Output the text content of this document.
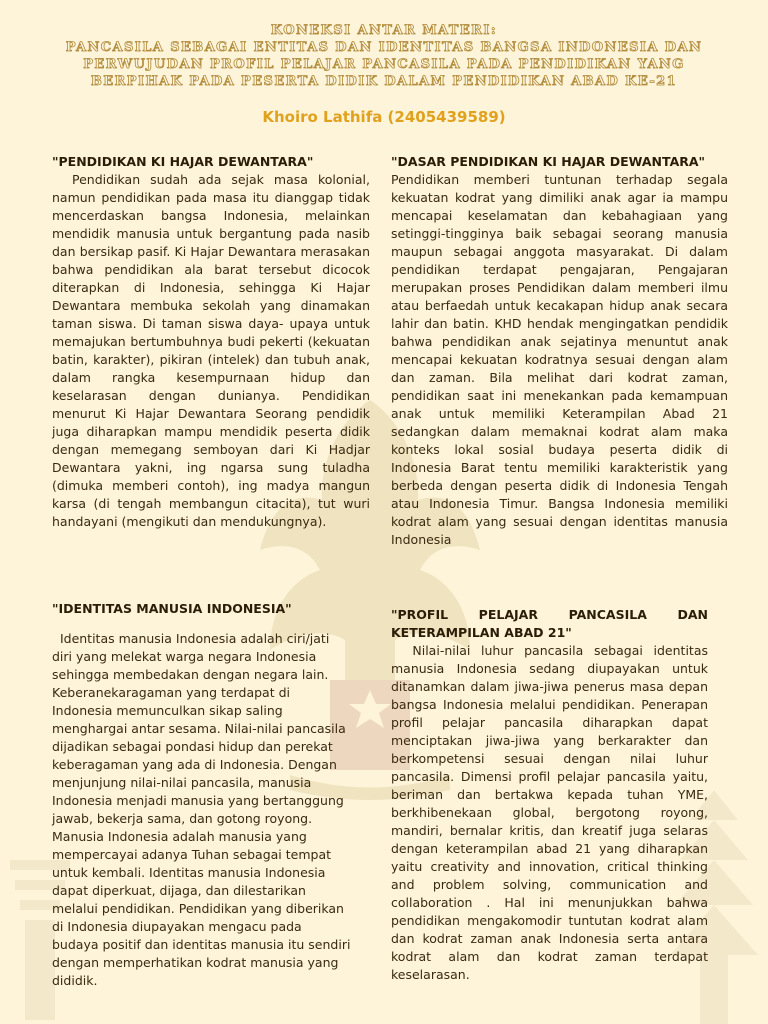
KONEKSI ANTAR MATERI:
PANCASILA SEBAGAI ENTITAS DAN IDENTITAS BANGSA INDONESIA DAN
PERWUJUDAN PROFIL PELAJAR PANCASILA PADA PENDIDIKAN YANG
BERPIHAK PADA PESERTA DIDIK DALAM PENDIDIKAN ABAD KE-21
Khoiro Lathifa (2405439589)

"PENDIDIKAN KI HAJAR DEWANTARA"

Pendidikan sudah ada sejak masa kolonial, namun pendidikan pada masa itu dianggap tidak mencerdaskan bangsa Indonesia, melainkan mendidik manusia untuk bergantung pada nasib dan bersikap pasif. Ki Hajar Dewantara merasakan bahwa pendidikan ala barat tersebut dicocok diterapkan di Indonesia, sehingga Ki Hajar Dewantara membuka sekolah yang dinamakan taman siswa. Di taman siswa daya- upaya untuk memajukan bertumbuhnya budi pekerti (kekuatan batin, karakter), pikiran (intelek) dan tubuh anak, dalam rangka kesempurnaan hidup dan keselarasan dengan dunianya. Pendidikan menurut Ki Hajar Dewantara Seorang pendidik juga diharapkan mampu mendidik peserta didik dengan memegang semboyan dari Ki Hadjar Dewantara yakni, ing ngarsa sung tuladha (dimuka memberi contoh), ing madya mangun karsa (di tengah membangun citacita), tut wuri handayani (mengikuti dan mendukungnya).

"DASAR PENDIDIKAN KI HAJAR DEWANTARA"

Pendidikan memberi tuntunan terhadap segala kekuatan kodrat yang dimiliki anak agar ia mampu mencapai keselamatan dan kebahagiaan yang setinggi-tingginya baik sebagai seorang manusia maupun sebagai anggota masyarakat. Di dalam pendidikan terdapat pengajaran, Pengajaran merupakan proses Pendidikan dalam memberi ilmu atau berfaedah untuk kecakapan hidup anak secara lahir dan batin. KHD hendak mengingatkan pendidik bahwa pendidikan anak sejatinya menuntut anak mencapai kekuatan kodratnya sesuai dengan alam dan zaman. Bila melihat dari kodrat zaman, pendidikan saat ini menekankan pada kemampuan anak untuk memiliki Keterampilan Abad 21 sedangkan dalam memaknai kodrat alam maka konteks lokal sosial budaya peserta didik di Indonesia Barat tentu memiliki karakteristik yang berbeda dengan peserta didik di Indonesia Tengah atau Indonesia Timur. Bangsa Indonesia memiliki kodrat alam yang sesuai dengan identitas manusia Indonesia

"IDENTITAS MANUSIA INDONESIA"

Identitas manusia Indonesia adalah ciri/jati diri yang melekat warga negara Indonesia sehingga membedakan dengan negara lain. Keberanekaragaman yang terdapat di Indonesia memunculkan sikap saling menghargai antar sesama. Nilai-nilai pancasila dijadikan sebagai pondasi hidup dan perekat keberagaman yang ada di Indonesia. Dengan menjunjung nilai-nilai pancasila, manusia Indonesia menjadi manusia yang bertanggung jawab, bekerja sama, dan gotong royong. Manusia Indonesia adalah manusia yang mempercayai adanya Tuhan sebagai tempat untuk kembali. Identitas manusia Indonesia dapat diperkuat, dijaga, dan dilestarikan melalui pendidikan. Pendidikan yang diberikan di Indonesia diupayakan mengacu pada budaya positif dan identitas manusia itu sendiri dengan memperhatikan kodrat manusia yang dididik.

"PROFIL PELAJAR PANCASILA DAN KETERAMPILAN ABAD 21"

Nilai-nilai luhur pancasila sebagai identitas manusia Indonesia sedang diupayakan untuk ditanamkan dalam jiwa-jiwa penerus masa depan bangsa Indonesia melalui pendidikan. Penerapan profil pelajar pancasila diharapkan dapat menciptakan jiwa-jiwa yang berkarakter dan berkompetensi sesuai dengan nilai luhur pancasila. Dimensi profil pelajar pancasila yaitu, beriman dan bertakwa kepada tuhan YME, berkhibenekaan global, bergotong royong, mandiri, bernalar kritis, dan kreatif juga selaras dengan keterampilan abad 21 yang diharapkan yaitu creativity and innovation, critical thinking and problem solving, communication and collaboration . Hal ini menunjukkan bahwa pendidikan mengakomodir tuntutan kodrat alam dan kodrat zaman anak Indonesia serta antara kodrat alam dan kodrat zaman terdapat keselarasan.
